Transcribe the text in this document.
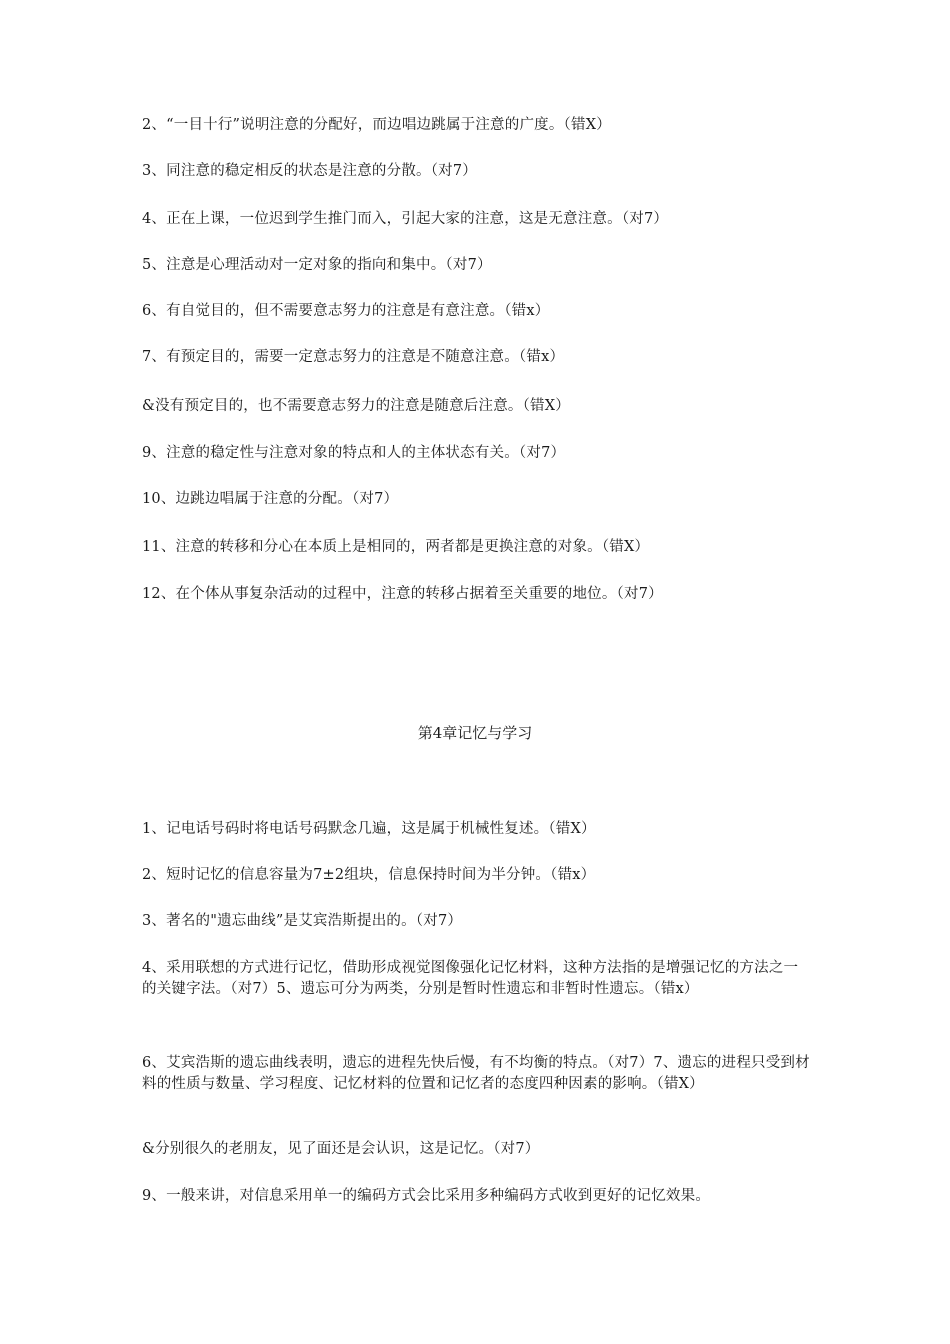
2、“一目十行”说明注意的分配好，而边唱边跳属于注意的广度。（错X）
3、同注意的稳定相反的状态是注意的分散。（对7）
4、正在上课，一位迟到学生推门而入，引起大家的注意，这是无意注意。（对7）
5、注意是心理活动对一定对象的指向和集中。（对7）
6、有自觉目的，但不需要意志努力的注意是有意注意。（错x）
7、有预定目的，需要一定意志努力的注意是不随意注意。（错x）
&没有预定目的，也不需要意志努力的注意是随意后注意。（错X）
9、注意的稳定性与注意对象的特点和人的主体状态有关。（对7）
10、边跳边唱属于注意的分配。（对7）
11、注意的转移和分心在本质上是相同的，两者都是更换注意的对象。（错X）
12、在个体从事复杂活动的过程中，注意的转移占据着至关重要的地位。（对7）
第4章记忆与学习
1、记电话号码时将电话号码默念几遍，这是属于机械性复述。（错X）
2、短时记忆的信息容量为7±2组块，信息保持时间为半分钟。（错x）
3、著名的"遗忘曲线”是艾宾浩斯提出的。（对7）
4、采用联想的方式进行记忆，借助形成视觉图像强化记忆材料，这种方法指的是增强记忆的方法之一的关键字法。（对7）5、遗忘可分为两类，分别是暂时性遗忘和非暂时性遗忘。（错x）
6、艾宾浩斯的遗忘曲线表明，遗忘的进程先快后慢，有不均衡的特点。（对7）7、遗忘的进程只受到材料的性质与数量、学习程度、记忆材料的位置和记忆者的态度四种因素的影响。（错X）
&分别很久的老朋友，见了面还是会认识，这是记忆。（对7）
9、一般来讲，对信息采用单一的编码方式会比采用多种编码方式收到更好的记忆效果。
